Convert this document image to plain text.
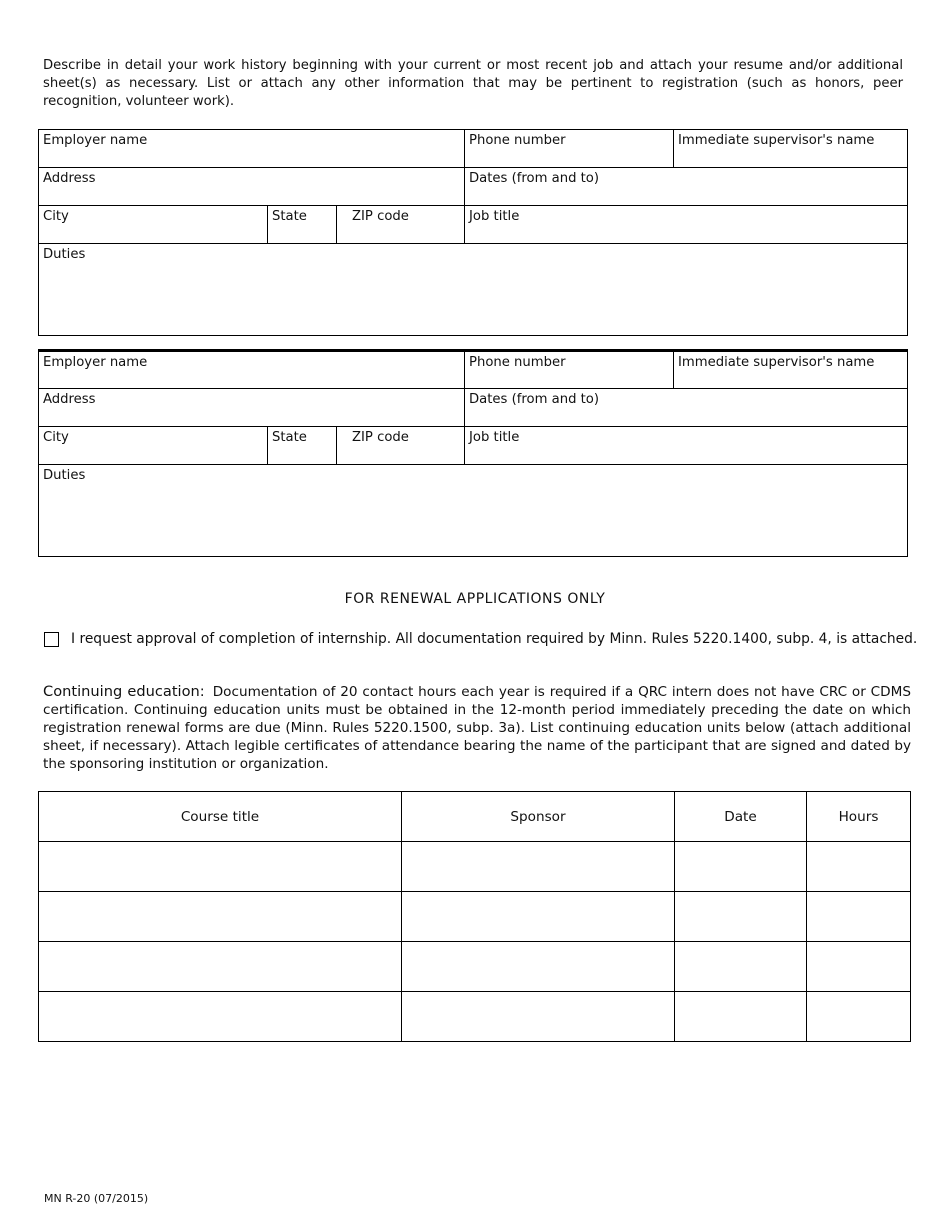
Describe in detail your work history beginning with your current or most recent job and attach your resume and/or additional sheet(s) as necessary. List or attach any other information that may be pertinent to registration (such as honors, peer recognition, volunteer work).
Employer name			Phone number	Immediate supervisor's name
Address			Dates (from and to)	
City	State	ZIP code	Job title	
Duties				
Employer name			Phone number	Immediate supervisor's name
Address			Dates (from and to)	
City	State	ZIP code	Job title	
Duties				
FOR RENEWAL APPLICATIONS ONLY
I request approval of completion of internship. All documentation required by Minn. Rules 5220.1400, subp. 4, is attached.
Continuing education: Documentation of 20 contact hours each year is required if a QRC intern does not have CRC or CDMS certification. Continuing education units must be obtained in the 12-month period immediately preceding the date on which registration renewal forms are due (Minn. Rules 5220.1500, subp. 3a). List continuing education units below (attach additional sheet, if necessary). Attach legible certificates of attendance bearing the name of the participant that are signed and dated by the sponsoring institution or organization.
Course title	Sponsor	Date	Hours

MN R-20 (07/2015)
